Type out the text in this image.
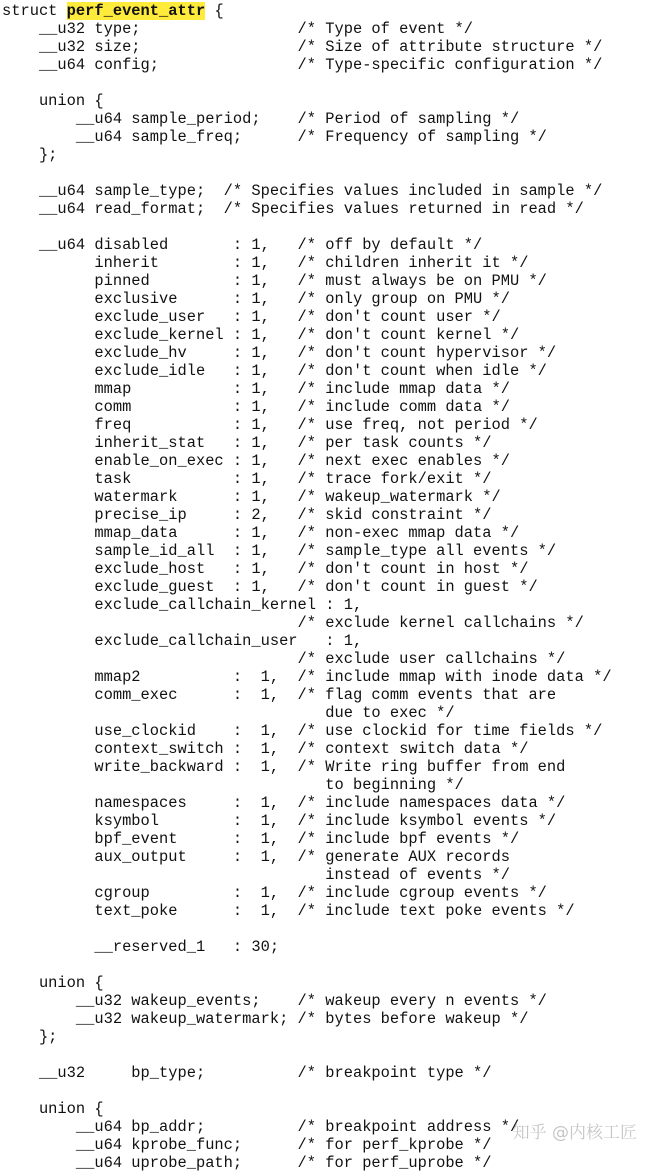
struct perf_event_attr {
__u32 type;                 /* Type of event */
__u32 size;                 /* Size of attribute structure */
__u64 config;               /* Type-specific configuration */
union {
__u64 sample_period;    /* Period of sampling */
__u64 sample_freq;      /* Frequency of sampling */
};
__u64 sample_type;  /* Specifies values included in sample */
__u64 read_format;  /* Specifies values returned in read */
__u64 disabled       : 1,   /* off by default */
inherit        : 1,   /* children inherit it */
pinned         : 1,   /* must always be on PMU */
exclusive      : 1,   /* only group on PMU */
exclude_user   : 1,   /* don't count user */
exclude_kernel : 1,   /* don't count kernel */
exclude_hv     : 1,   /* don't count hypervisor */
exclude_idle   : 1,   /* don't count when idle */
mmap           : 1,   /* include mmap data */
comm           : 1,   /* include comm data */
freq           : 1,   /* use freq, not period */
inherit_stat   : 1,   /* per task counts */
enable_on_exec : 1,   /* next exec enables */
task           : 1,   /* trace fork/exit */
watermark      : 1,   /* wakeup_watermark */
precise_ip     : 2,   /* skid constraint */
mmap_data      : 1,   /* non-exec mmap data */
sample_id_all  : 1,   /* sample_type all events */
exclude_host   : 1,   /* don't count in host */
exclude_guest  : 1,   /* don't count in guest */
exclude_callchain_kernel : 1,
/* exclude kernel callchains */
exclude_callchain_user   : 1,
/* exclude user callchains */
mmap2          :  1,  /* include mmap with inode data */
comm_exec      :  1,  /* flag comm events that are
due to exec */
use_clockid    :  1,  /* use clockid for time fields */
context_switch :  1,  /* context switch data */
write_backward :  1,  /* Write ring buffer from end
to beginning */
namespaces     :  1,  /* include namespaces data */
ksymbol        :  1,  /* include ksymbol events */
bpf_event      :  1,  /* include bpf events */
aux_output     :  1,  /* generate AUX records
instead of events */
cgroup         :  1,  /* include cgroup events */
text_poke      :  1,  /* include text poke events */
__reserved_1   : 30;
union {
__u32 wakeup_events;    /* wakeup every n events */
__u32 wakeup_watermark; /* bytes before wakeup */
};
__u32     bp_type;          /* breakpoint type */
union {
__u64 bp_addr;          /* breakpoint address */
__u64 kprobe_func;      /* for perf_kprobe */
__u64 uprobe_path;      /* for perf_uprobe */
知乎 @内核工匠
